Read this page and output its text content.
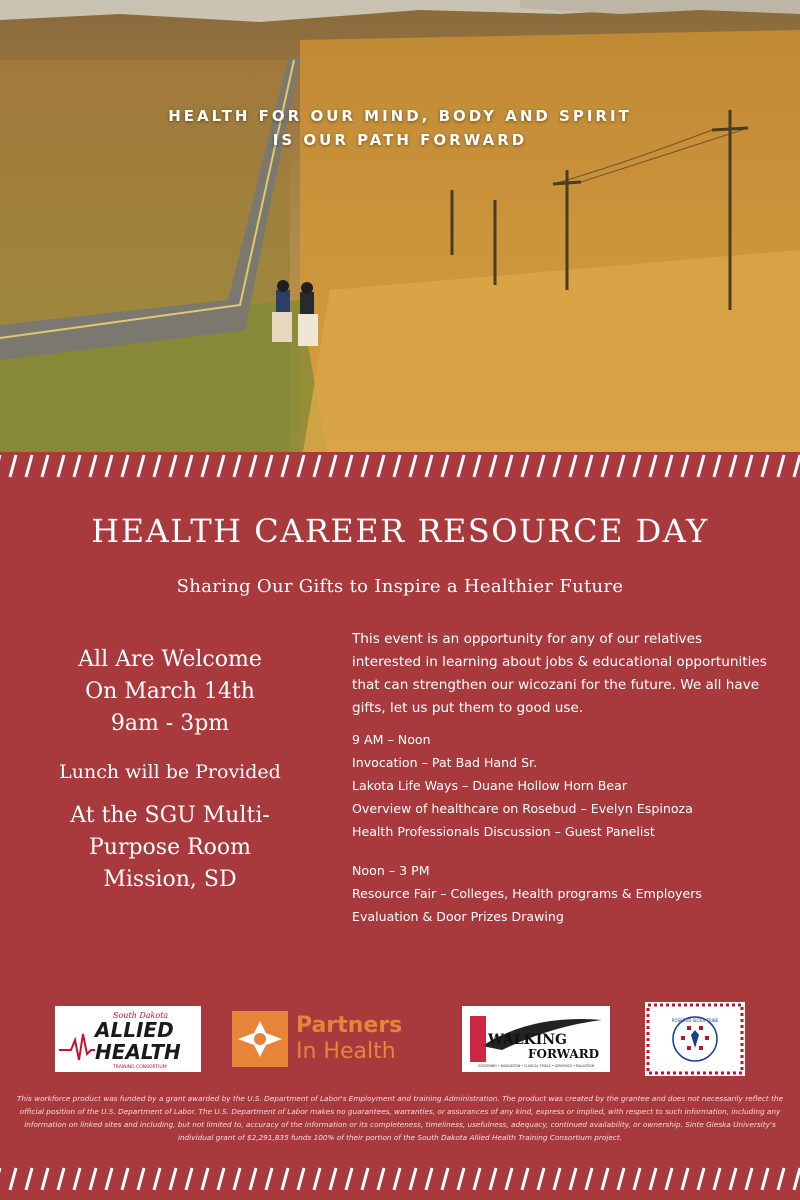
HEALTH FOR OUR MIND, BODY AND SPIRIT
IS OUR PATH FORWARD
HEALTH CAREER RESOURCE DAY
Sharing Our Gifts to Inspire a Healthier Future
All Are Welcome
On March 14th
9am - 3pm
Lunch will be Provided
At the SGU Multi-
Purpose Room
Mission, SD
This event is an opportunity for any of our relatives interested in learning about jobs & educational opportunities that can strengthen our wicozani for the future. We all have gifts, let us put them to good use.
9 AM – Noon
Invocation – Pat Bad Hand Sr.
Lakota Life Ways – Duane Hollow Horn Bear
Overview of healthcare on Rosebud – Evelyn Espinoza
Health Professionals Discussion – Guest Panelist
Noon – 3 PM
Resource Fair – Colleges, Health programs & Employers
Evaluation & Door Prizes Drawing
South Dakota
ALLIED
HEALTH
TRAINING CONSORTIUM
Partners
In Health	WALKING
FORWARD
SCREENING • NAVIGATION • CLINICAL TRIALS • GENOMICS • PALLIATION
ROSEBUD SIOUX TRIBE
This workforce product was funded by a grant awarded by the U.S. Department of Labor's Employment and training Administration. The product was created by the grantee and does not necessarily reflect the official position of the U.S. Department of Labor. The U.S. Department of Labor makes no guarantees, warranties, or assurances of any kind, express or implied, with respect to such information, including any information on linked sites and including, but not limited to, accuracy of the information or its completeness, timeliness, usefulness, adequacy, continued availability, or ownership. Sinte Gleska University's individual grant of $2,291,835 funds 100% of their portion of the South Dakota Allied Health Training Consortium project.
